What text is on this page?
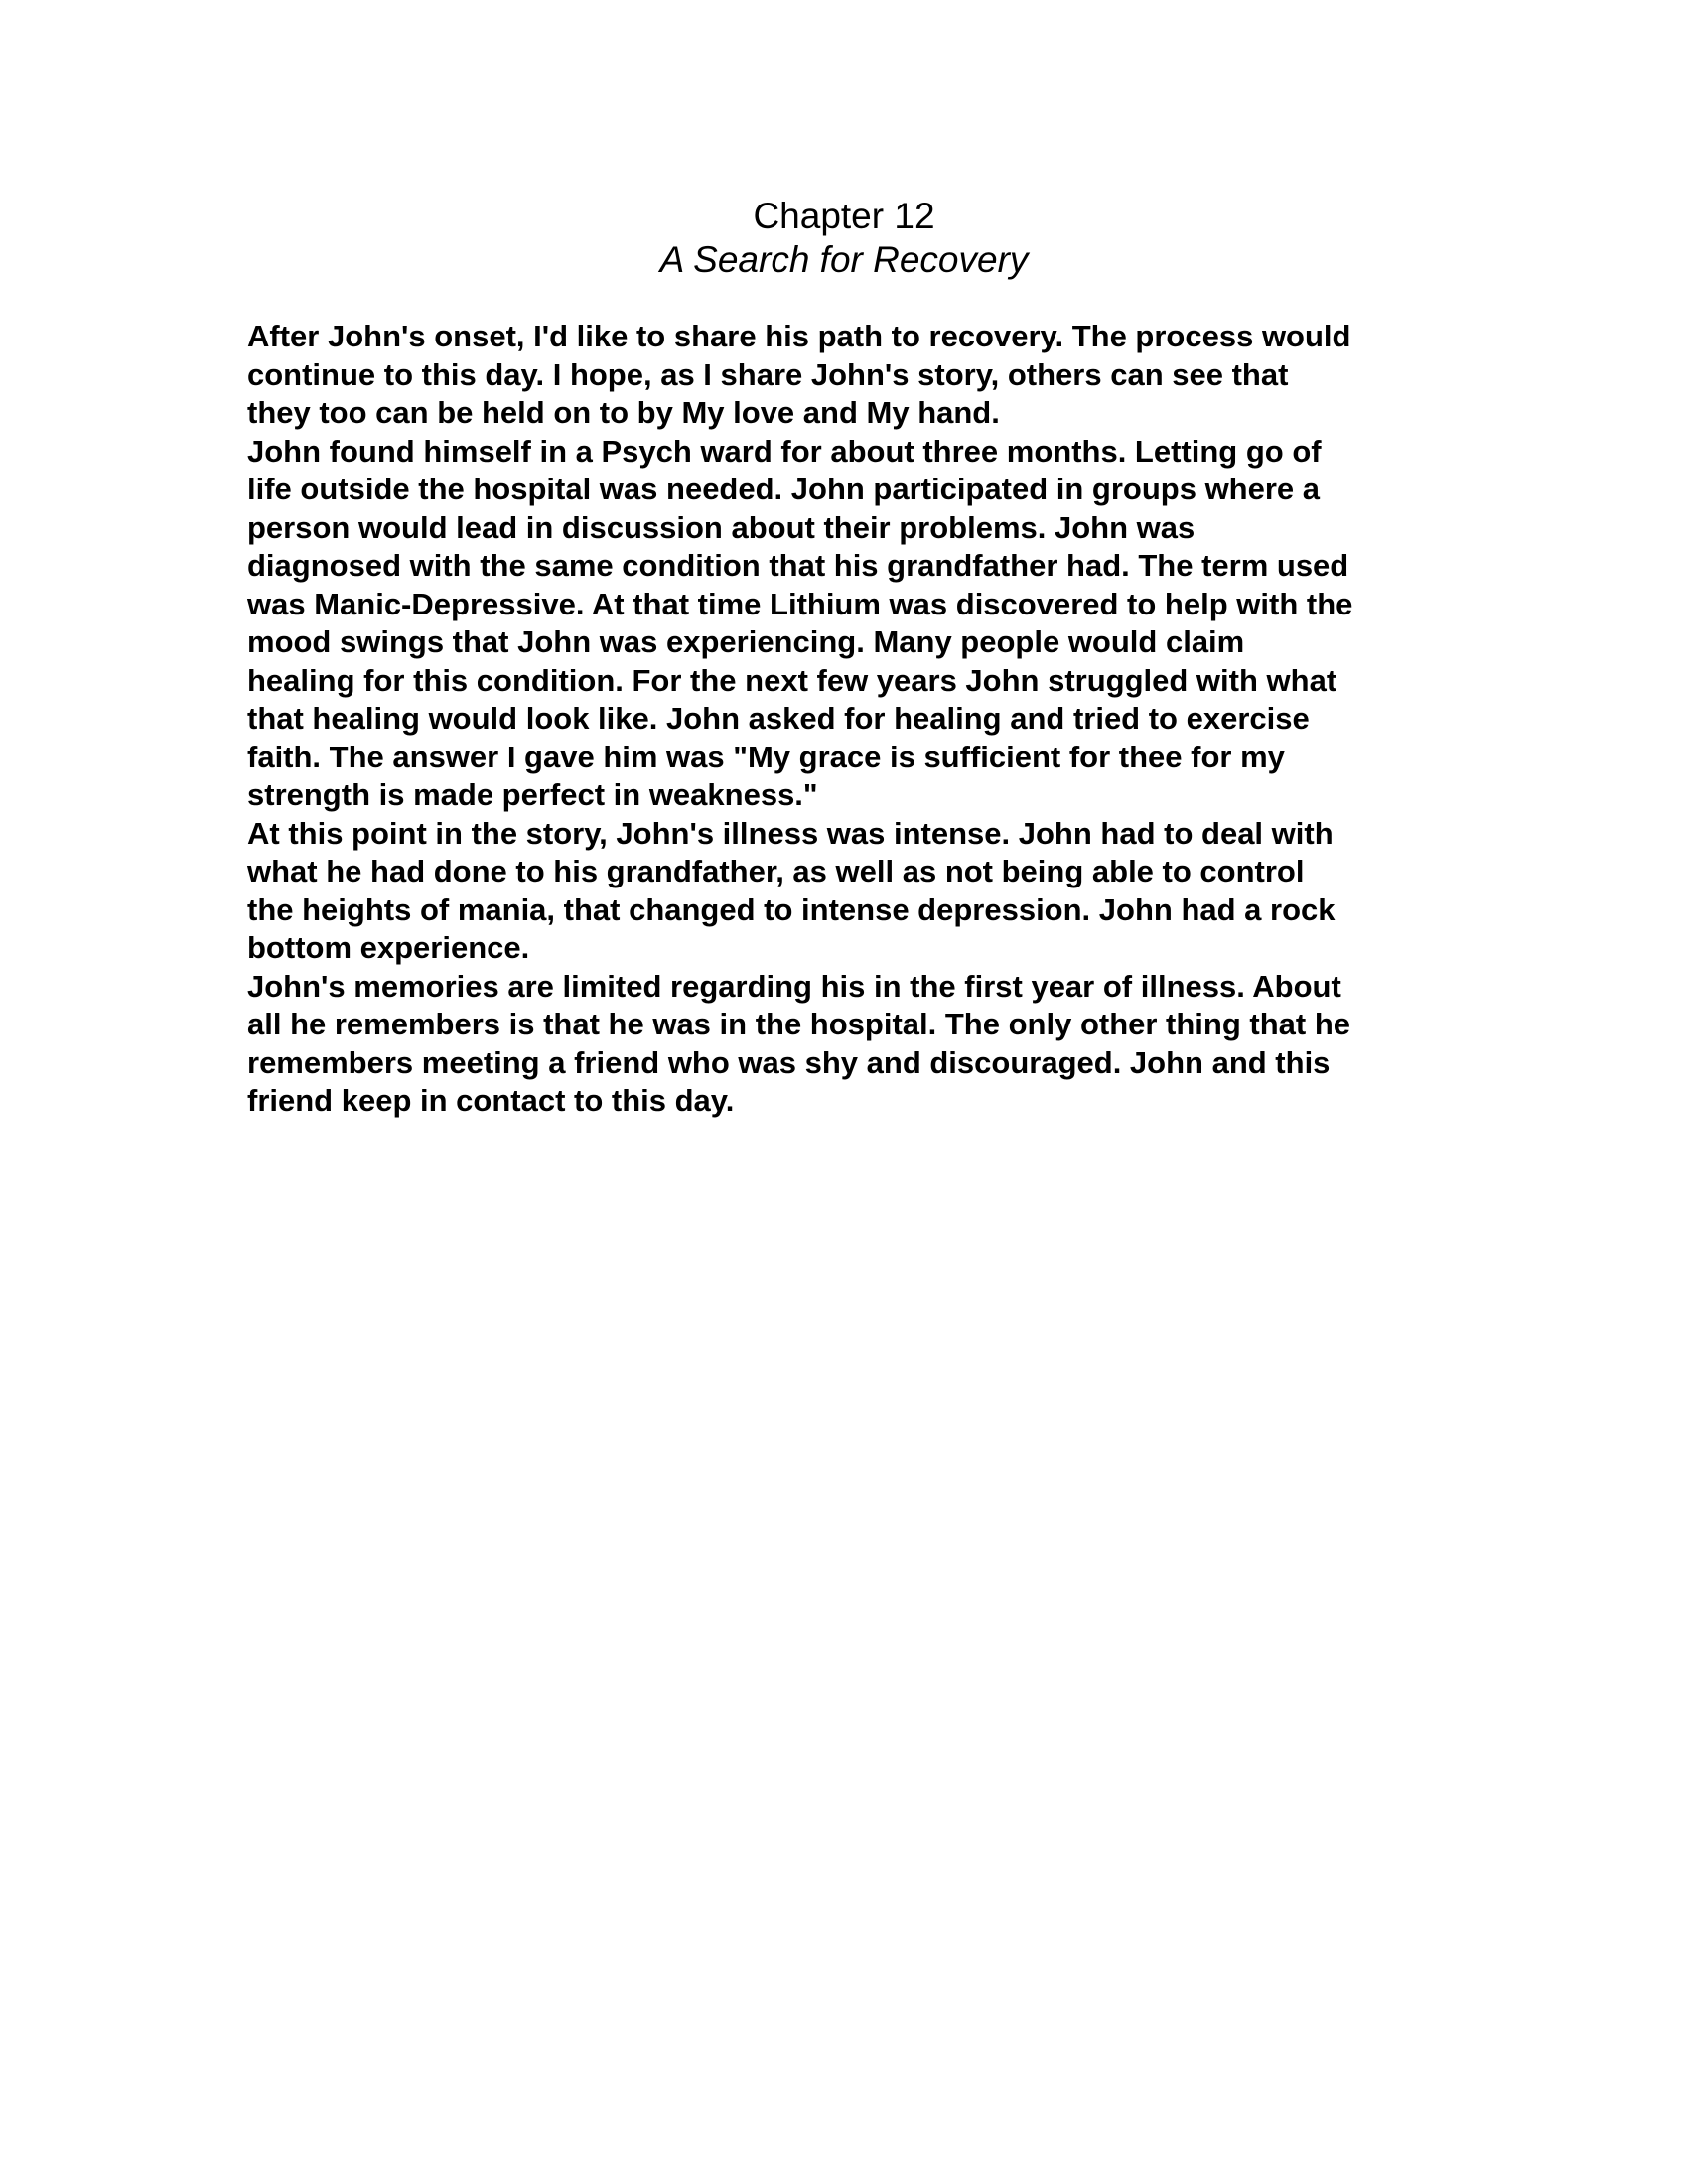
Chapter 12
A Search for Recovery
After John's onset, I'd like to share his path to recovery. The process would
continue to this day. I hope, as I share John's story, others can see that
they too can be held on to by My love and My hand.
John found himself in a Psych ward for about three months. Letting go of
life outside the hospital was needed. John participated in groups where a
person would lead in discussion about their problems. John was
diagnosed with the same condition that his grandfather had. The term used
was Manic-Depressive. At that time Lithium was discovered to help with the
mood swings that John was experiencing. Many people would claim
healing for this condition. For the next few years John struggled with what
that healing would look like. John asked for healing and tried to exercise
faith. The answer I gave him was "My grace is sufficient for thee for my
strength is made perfect in weakness."
At this point in the story, John's illness was intense. John had to deal with
what he had done to his grandfather, as well as not being able to control
the heights of mania, that changed to intense depression. John had a rock
bottom experience.
John's memories are limited regarding his in the first year of illness. About
all he remembers is that he was in the hospital. The only other thing that he
remembers meeting a friend who was shy and discouraged. John and this
friend keep in contact to this day.
